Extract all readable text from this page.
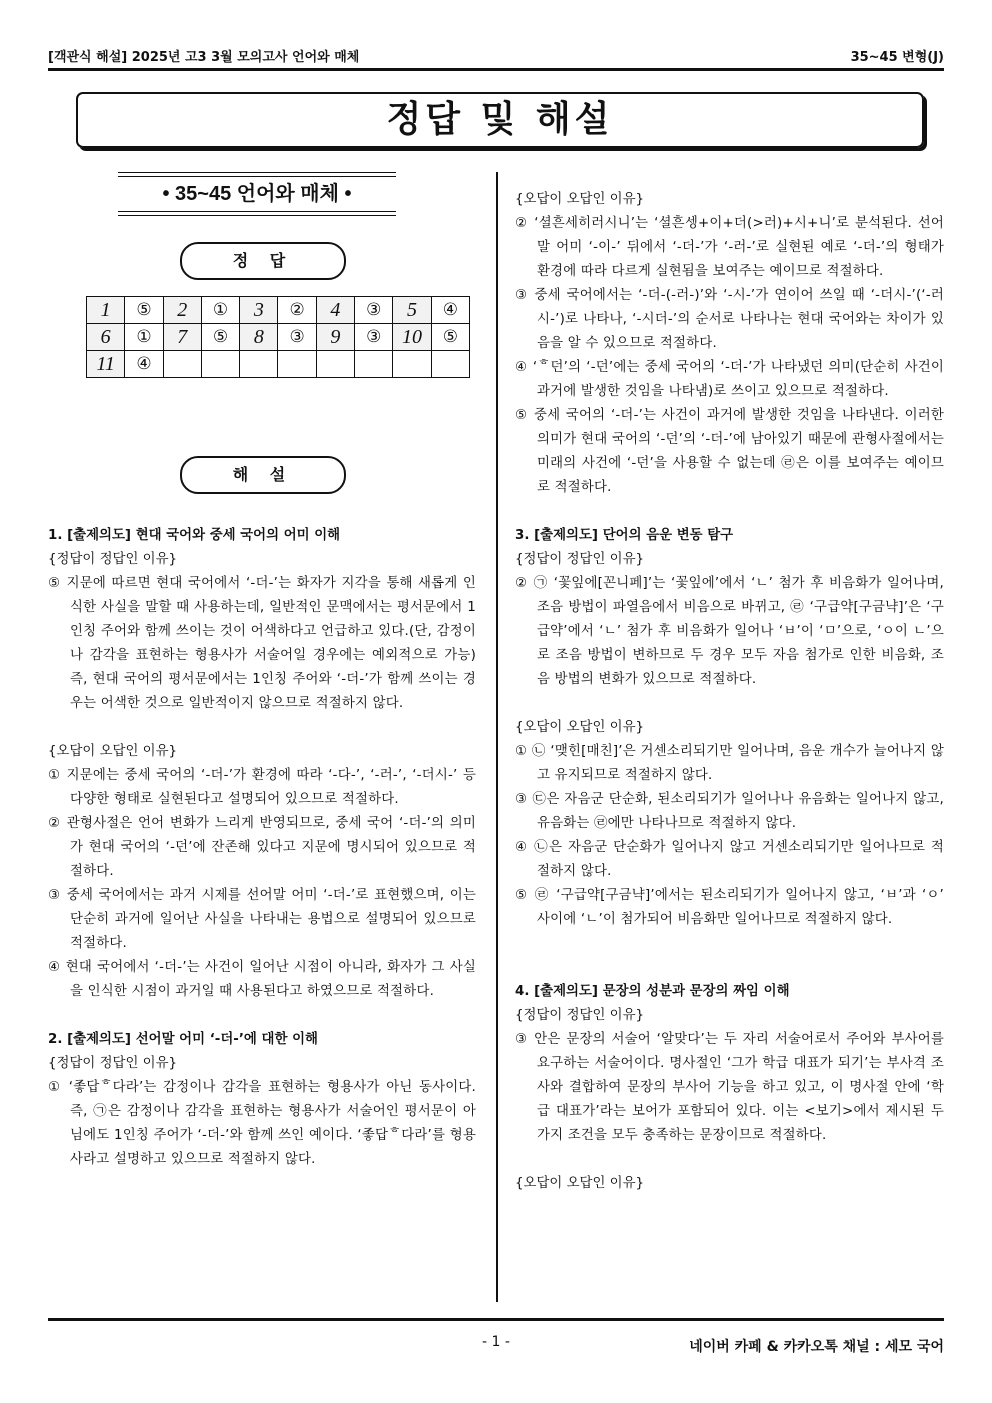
[객관식 해설] 2025년 고3 3월 모의고사 언어와 매체	35~45 변형(J)
정답 및 해설
• 35~45 언어와 매체 •
정 답
1	⑤	2	①	3	②	4	③	5	④
6	①	7	⑤	8	③	9	③	10	⑤
11	④								
해 설

1. [출제의도] 현대 국어와 중세 국어의 어미 이해

{정답이 정답인 이유}

⑤ 지문에 따르면 현대 국어에서 ‘-더-’는 화자가 지각을 통해 새롭게 인식한 사실을 말할 때 사용하는데, 일반적인 문맥에서는 평서문에서 1인칭 주어와 함께 쓰이는 것이 어색하다고 언급하고 있다.(단, 감정이나 감각을 표현하는 형용사가 서술어일 경우에는 예외적으로 가능) 즉, 현대 국어의 평서문에서는 1인칭 주어와 ‘-더-’가 함께 쓰이는 경우는 어색한 것으로 일반적이지 않으므로 적절하지 않다.

{오답이 오답인 이유}

① 지문에는 중세 국어의 ‘-더-’가 환경에 따라 ‘-다-’, ‘-러-’, ‘-더시-’ 등 다양한 형태로 실현된다고 설명되어 있으므로 적절하다.

② 관형사절은 언어 변화가 느리게 반영되므로, 중세 국어 ‘-더-’의 의미가 현대 국어의 ‘-던’에 잔존해 있다고 지문에 명시되어 있으므로 적절하다.

③ 중세 국어에서는 과거 시제를 선어말 어미 ‘-더-’로 표현했으며, 이는 단순히 과거에 일어난 사실을 나타내는 용법으로 설명되어 있으므로 적절하다.

④ 현대 국어에서 ‘-더-’는 사건이 일어난 시점이 아니라, 화자가 그 사실을 인식한 시점이 과거일 때 사용된다고 하였으므로 적절하다.

2. [출제의도] 선어말 어미 ‘-더-’에 대한 이해

{정답이 정답인 이유}

① ‘좋답ᄒ다라’는 감정이나 감각을 표현하는 형용사가 아닌 동사이다. 즉, ㉠은 감정이나 감각을 표현하는 형용사가 서술어인 평서문이 아님에도 1인칭 주어가 ‘-더-’와 함께 쓰인 예이다. ‘좋답ᄒ다라’를 형용사라고 설명하고 있으므로 적절하지 않다.

{오답이 오답인 이유}

② ‘셜흔세히러시니’는 ‘셜흔셍+이+더(>러)+시+니’로 분석된다. 선어말 어미 ‘-이-’ 뒤에서 ‘-더-’가 ‘-러-’로 실현된 예로 ‘-더-’의 형태가 환경에 따라 다르게 실현됨을 보여주는 예이므로 적절하다.

③ 중세 국어에서는 ‘-더-(-러-)’와 ‘-시-’가 연이어 쓰일 때 ‘-더시-’(‘-러시-’)로 나타나, ‘-시더-’의 순서로 나타나는 현대 국어와는 차이가 있음을 알 수 있으므로 적절하다.

④ ‘ᄒ던’의 ‘-던’에는 중세 국어의 ‘-더-’가 나타냈던 의미(단순히 사건이 과거에 발생한 것임을 나타냄)로 쓰이고 있으므로 적절하다.

⑤ 중세 국어의 ‘-더-’는 사건이 과거에 발생한 것임을 나타낸다. 이러한 의미가 현대 국어의 ‘-던’의 ‘-더-’에 남아있기 때문에 관형사절에서는 미래의 사건에 ‘-던’을 사용할 수 없는데 ㉣은 이를 보여주는 예이므로 적절하다.

3. [출제의도] 단어의 음운 변동 탐구

{정답이 정답인 이유}

② ㉠ ‘꽃잎에[꼰니페]’는 ‘꽃잎에’에서 ‘ㄴ’ 첨가 후 비음화가 일어나며, 조음 방법이 파열음에서 비음으로 바뀌고, ㉣ ‘구급약[구금냑]’은 ‘구급약’에서 ‘ㄴ’ 첨가 후 비음화가 일어나 ‘ㅂ’이 ‘ㅁ’으로, ‘ㅇ이 ㄴ’으로 조음 방법이 변하므로 두 경우 모두 자음 첨가로 인한 비음화, 조음 방법의 변화가 있으므로 적절하다.

{오답이 오답인 이유}

① ㉡ ‘맺힌[매친]’은 거센소리되기만 일어나며, 음운 개수가 늘어나지 않고 유지되므로 적절하지 않다.

③ ㉢은 자음군 단순화, 된소리되기가 일어나나 유음화는 일어나지 않고, 유음화는 ㉣에만 나타나므로 적절하지 않다.

④ ㉡은 자음군 단순화가 일어나지 않고 거센소리되기만 일어나므로 적절하지 않다.

⑤ ㉣ ‘구급약[구금냑]’에서는 된소리되기가 일어나지 않고, ‘ㅂ’과 ‘ㅇ’ 사이에 ‘ㄴ’이 첨가되어 비음화만 일어나므로 적절하지 않다.

4. [출제의도] 문장의 성분과 문장의 짜임 이해

{정답이 정답인 이유}

③ 안은 문장의 서술어 ‘알맞다’는 두 자리 서술어로서 주어와 부사어를 요구하는 서술어이다. 명사절인 ‘그가 학급 대표가 되기’는 부사격 조사와 결합하여 문장의 부사어 기능을 하고 있고, 이 명사절 안에 ‘학급 대표가’라는 보어가 포함되어 있다. 이는 <보기>에서 제시된 두 가지 조건을 모두 충족하는 문장이므로 적절하다.

{오답이 오답인 이유}

- 1 -	네이버 카페 & 카카오톡 채널 : 세모 국어
